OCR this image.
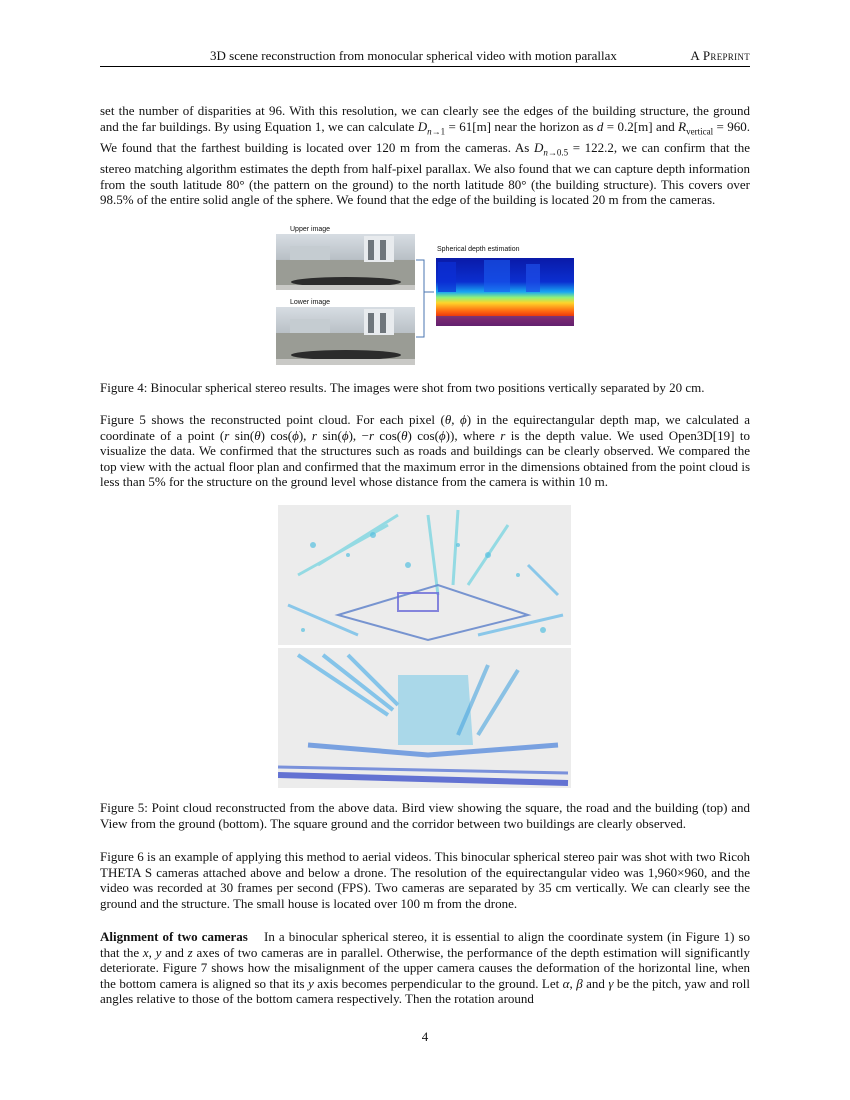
3D scene reconstruction from monocular spherical video with motion parallax	A Preprint

set the number of disparities at 96. With this resolution, we can clearly see the edges of the building structure, the ground and the far buildings. By using Equation 1, we can calculate $D_{n\to 1} = 61[m]$ near the horizon as d = 0.2[m] and $R_{vertical} = 960$. We found that the farthest building is located over 120 m from the cameras. As $D_{n\to 0.5} = 122.2$, we can confirm that the stereo matching algorithm estimates the depth from half-pixel parallax. We also found that we can capture depth information from the south latitude 80° (the pattern on the ground) to the north latitude 80° (the building structure). This covers over 98.5% of the entire solid angle of the sphere. We found that the edge of the building is located 20 m from the cameras.

Upper image
Lower image
Spherical depth estimation

Figure 4: Binocular spherical stereo results. The images were shot from two positions vertically separated by 20 cm.

Figure 5 shows the reconstructed point cloud. For each pixel (θ, ϕ) in the equirectangular depth map, we calculated a coordinate of a point (r sin(θ) cos(ϕ), r sin(ϕ), −r cos(θ) cos(ϕ)), where r is the depth value. We used Open3D[19] to visualize the data. We confirmed that the structures such as roads and buildings can be clearly observed. We compared the top view with the actual floor plan and confirmed that the maximum error in the dimensions obtained from the point cloud is less than 5% for the structure on the ground level whose distance from the camera is within 10 m.

Figure 5: Point cloud reconstructed from the above data. Bird view showing the square, the road and the building (top) and View from the ground (bottom). The square ground and the corridor between two buildings are clearly observed.

Figure 6 is an example of applying this method to aerial videos. This binocular spherical stereo pair was shot with two Ricoh THETA S cameras attached above and below a drone. The resolution of the equirectangular video was 1,960×960, and the video was recorded at 30 frames per second (FPS). Two cameras are separated by 35 cm vertically. We can clearly see the ground and the structure. The small house is located over 100 m from the drone.

Alignment of two cameras    In a binocular spherical stereo, it is essential to align the coordinate system (in Figure 1) so that the x, y and z axes of two cameras are in parallel. Otherwise, the performance of the depth estimation will significantly deteriorate. Figure 7 shows how the misalignment of the upper camera causes the deformation of the horizontal line, when the bottom camera is aligned so that its y axis becomes perpendicular to the ground. Let α, β and γ be the pitch, yaw and roll angles relative to those of the bottom camera respectively. Then the rotation around

4
